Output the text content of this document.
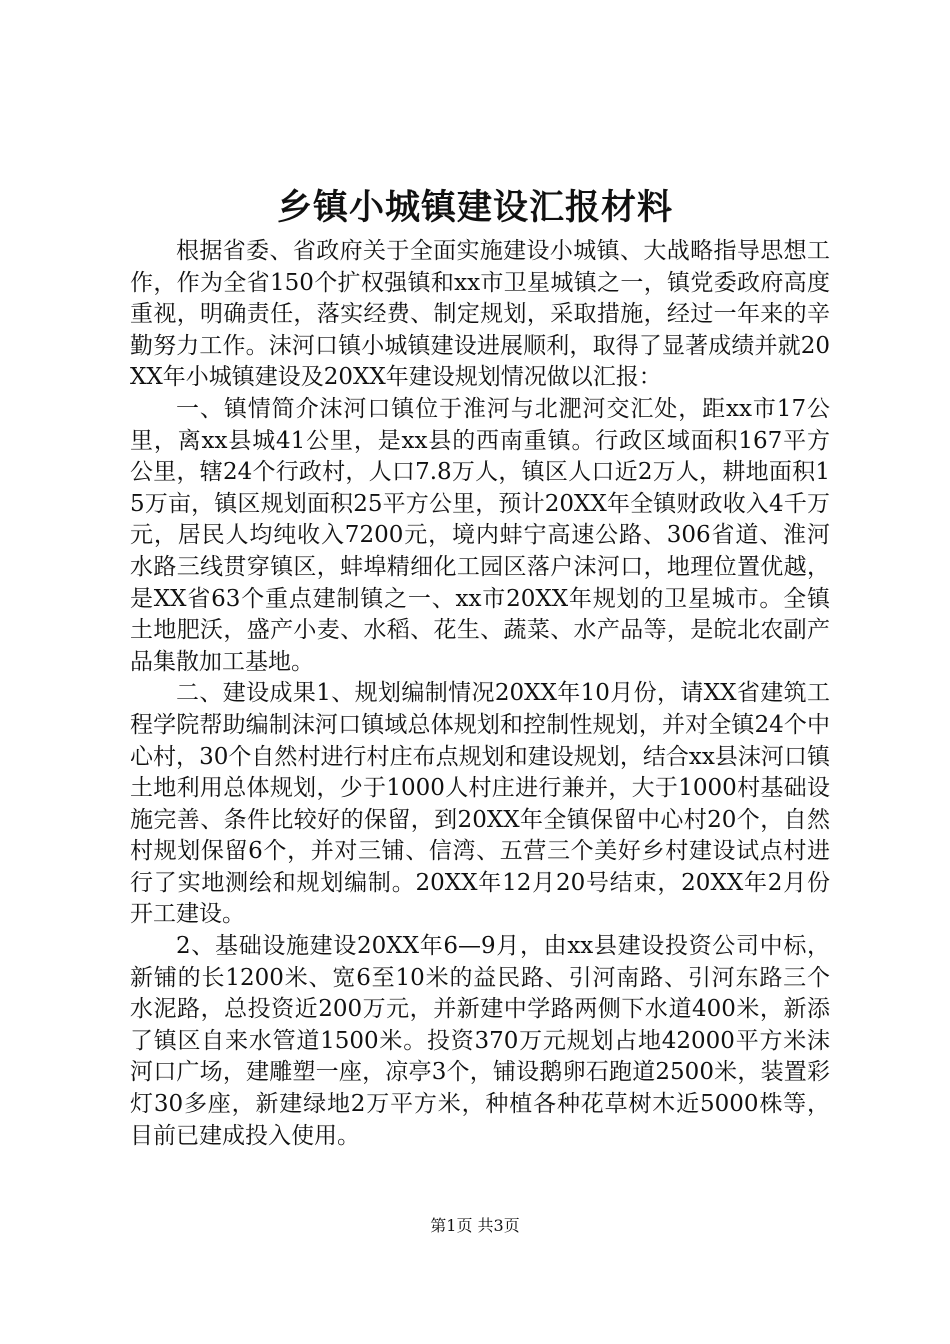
乡镇小城镇建设汇报材料

根据省委、省政府关于全面实施建设小城镇、大战略指导思想工作，作为全省150个扩权强镇和xx市卫星城镇之一，镇党委政府高度重视，明确责任，落实经费、制定规划，采取措施，经过一年来的辛勤努力工作。沫河口镇小城镇建设进展顺利，取得了显著成绩并就20XX年小城镇建设及20XX年建设规划情况做以汇报：

一、镇情简介沫河口镇位于淮河与北淝河交汇处，距xx市17公里，离xx县城41公里，是xx县的西南重镇。行政区域面积167平方公里，辖24个行政村，人口7.8万人，镇区人口近2万人，耕地面积15万亩，镇区规划面积25平方公里，预计20XX年全镇财政收入4千万元，居民人均纯收入7200元，境内蚌宁高速公路、306省道、淮河水路三线贯穿镇区，蚌埠精细化工园区落户沫河口，地理位置优越，是XX省63个重点建制镇之一、xx市20XX年规划的卫星城市。全镇土地肥沃，盛产小麦、水稻、花生、蔬菜、水产品等，是皖北农副产品集散加工基地。

二、建设成果1、规划编制情况20XX年10月份，请XX省建筑工程学院帮助编制沫河口镇域总体规划和控制性规划，并对全镇24个中心村，30个自然村进行村庄布点规划和建设规划，结合xx县沫河口镇土地利用总体规划，少于1000人村庄进行兼并，大于1000村基础设施完善、条件比较好的保留，到20XX年全镇保留中心村20个，自然村规划保留6个，并对三铺、信湾、五营三个美好乡村建设试点村进行了实地测绘和规划编制。20XX年12月20号结束，20XX年2月份开工建设。

2、基础设施建设20XX年6—9月，由xx县建设投资公司中标，新铺的长1200米、宽6至10米的益民路、引河南路、引河东路三个水泥路，总投资近200万元，并新建中学路两侧下水道400米，新添了镇区自来水管道1500米。投资370万元规划占地42000平方米沫河口广场，建雕塑一座，凉亭3个，铺设鹅卵石跑道2500米，装置彩灯30多座，新建绿地2万平方米，种植各种花草树木近5000株等，目前已建成投入使用。

第1页 共3页
